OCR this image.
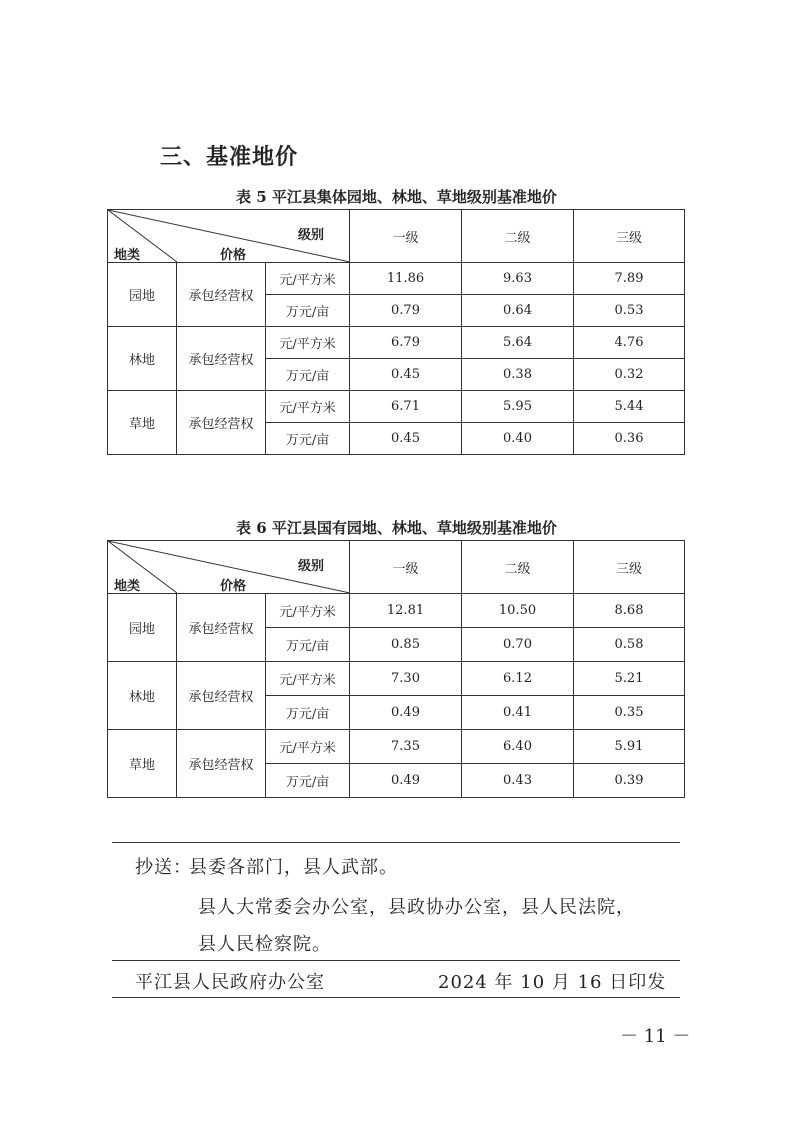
三、基准地价
表 5 平江县集体园地、林地、草地级别基准地价
级别
地类 价格			一级	二级	三级
园地	承包经营权	元/平方米	11.86	9.63	7.89
		万元/亩	0.79	0.64	0.53
林地	承包经营权	元/平方米	6.79	5.64	4.76
		万元/亩	0.45	0.38	0.32
草地	承包经营权	元/平方米	6.71	5.95	5.44
		万元/亩	0.45	0.40	0.36
表 6 平江县国有园地、林地、草地级别基准地价
级别
地类 价格			一级	二级	三级
园地	承包经营权	元/平方米	12.81	10.50	8.68
		万元/亩	0.85	0.70	0.58
林地	承包经营权	元/平方米	7.30	6.12	5.21
		万元/亩	0.49	0.41	0.35
草地	承包经营权	元/平方米	7.35	6.40	5.91
		万元/亩	0.49	0.43	0.39
抄送：
县委各部门，县人武部。
县人大常委会办公室，县政协办公室，县人民法院，
县人民检察院。
平江县人民政府办公室	2024 年 10 月 16 日印发
－ 11 －
